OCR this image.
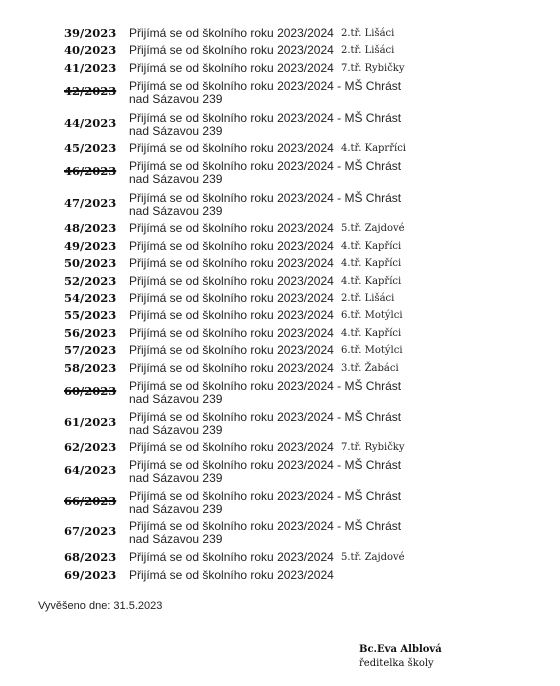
39/2023 Přijímá se od školního roku 2023/2024 2.tř. Lišáci
40/2023 Přijímá se od školního roku 2023/2024 2.tř. Lišáci
41/2023 Přijímá se od školního roku 2023/2024 7.tř. Rybičky
42/2023 Přijímá se od školního roku 2023/2024 - MŠ Chrást nad Sázavou 239
44/2023 Přijímá se od školního roku 2023/2024 - MŠ Chrást nad Sázavou 239
45/2023 Přijímá se od školního roku 2023/2024 4.tř. Kaprříci
46/2023 Přijímá se od školního roku 2023/2024 - MŠ Chrást nad Sázavou 239
47/2023 Přijímá se od školního roku 2023/2024 - MŠ Chrást nad Sázavou 239
48/2023 Přijímá se od školního roku 2023/2024 5.tř. Zajdové
49/2023 Přijímá se od školního roku 2023/2024 4.tř. Kapříci
50/2023 Přijímá se od školního roku 2023/2024 4.tř. Kapříci
52/2023 Přijímá se od školního roku 2023/2024 4.tř. Kapříci
54/2023 Přijímá se od školního roku 2023/2024 2.tř. Lišáci
55/2023 Přijímá se od školního roku 2023/2024 6.tř. Motýlci
56/2023 Přijímá se od školního roku 2023/2024 4.tř. Kapříci
57/2023 Přijímá se od školního roku 2023/2024 6.tř. Motýlci
58/2023 Přijímá se od školního roku 2023/2024 3.tř. Žabáci
60/2023 Přijímá se od školního roku 2023/2024 - MŠ Chrást nad Sázavou 239
61/2023 Přijímá se od školního roku 2023/2024 - MŠ Chrást nad Sázavou 239
62/2023 Přijímá se od školního roku 2023/2024 7.tř. Rybičky
64/2023 Přijímá se od školního roku 2023/2024 - MŠ Chrást nad Sázavou 239
66/2023 Přijímá se od školního roku 2023/2024 - MŠ Chrást nad Sázavou 239
67/2023 Přijímá se od školního roku 2023/2024 - MŠ Chrást nad Sázavou 239
68/2023 Přijímá se od školního roku 2023/2024 5.tř. Zajdové
69/2023 Přijímá se od školního roku 2023/2024
Vyvěšeno dne: 31.5.2023
Bc.Eva Alblová
ředitelka školy
